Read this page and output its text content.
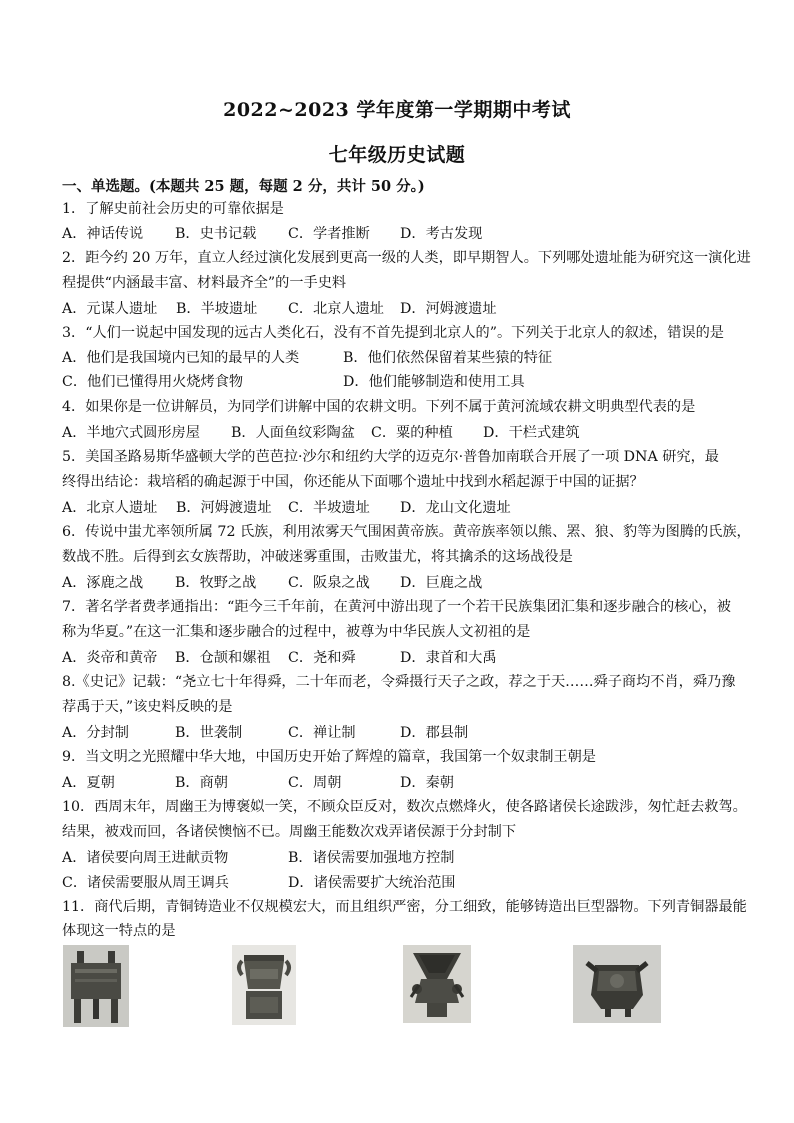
2022~2023 学年度第一学期期中考试
七年级历史试题
一、单选题。(本题共 25 题，每题 2 分，共计 50 分。)
1．了解史前社会历史的可靠依据是
A．神话传说 B．史书记载 C．学者推断 D．考古发现
2．距今约 20 万年，直立人经过演化发展到更高一级的人类，即早期智人。下列哪处遗址能为研究这一演化进
程提供“内涵最丰富、材料最齐全”的一手史料
A．元谋人遗址 B．半坡遗址 C．北京人遗址 D．河姆渡遗址
3．“人们一说起中国发现的远古人类化石，没有不首先提到北京人的”。下列关于北京人的叙述，错误的是
A．他们是我国境内已知的最早的人类	B．他们依然保留着某些猿的特征
C．他们已懂得用火烧烤食物	D．他们能够制造和使用工具
4．如果你是一位讲解员，为同学们讲解中国的农耕文明。下列不属于黄河流域农耕文明典型代表的是
A．半地穴式圆形房屋 B．人面鱼纹彩陶盆 C．粟的种植 D．干栏式建筑
5．美国圣路易斯华盛顿大学的芭芭拉·沙尔和纽约大学的迈克尔·普鲁加南联合开展了一项 DNA 研究，最
终得出结论：栽培稻的确起源于中国，你还能从下面哪个遗址中找到水稻起源于中国的证据？
A．北京人遗址 B．河姆渡遗址 C．半坡遗址 D．龙山文化遗址
6．传说中蚩尤率领所属 72 氏族，利用浓雾天气围困黄帝族。黄帝族率领以熊、罴、狼、豹等为图腾的氏族，
数战不胜。后得到玄女族帮助，冲破迷雾重围，击败蚩尤，将其擒杀的这场战役是
A．涿鹿之战 B．牧野之战 C．阪泉之战 D．巨鹿之战
7．著名学者费孝通指出：“距今三千年前，在黄河中游出现了一个若干民族集团汇集和逐步融合的核心，被
称为华夏。”在这一汇集和逐步融合的过程中，被尊为中华民族人文初祖的是
A．炎帝和黄帝 B．仓颉和嫘祖 C．尧和舜	D．隶首和大禹
8.《史记》记载：“尧立七十年得舜，二十年而老，令舜摄行天子之政，荐之于天……舜子商均不肖，舜乃豫
荐禹于天，”该史料反映的是
A．分封制	B．世袭制	C．禅让制	D．郡县制
9．当文明之光照耀中华大地，中国历史开始了辉煌的篇章，我国第一个奴隶制王朝是
A．夏朝	B．商朝	C．周朝	D．秦朝
10．西周末年，周幽王为博褒姒一笑，不顾众臣反对，数次点燃烽火，使各路诸侯长途跋涉，匆忙赶去救驾。
结果，被戏而回，各诸侯懊恼不已。周幽王能数次戏弄诸侯源于分封制下
A．诸侯要向周王进献贡物	B．诸侯需要加强地方控制
C．诸侯需要服从周王调兵	D．诸侯需要扩大统治范围
11．商代后期，青铜铸造业不仅规模宏大，而且组织严密，分工细致，能够铸造出巨型器物。下列青铜器最能
体现这一特点的是
